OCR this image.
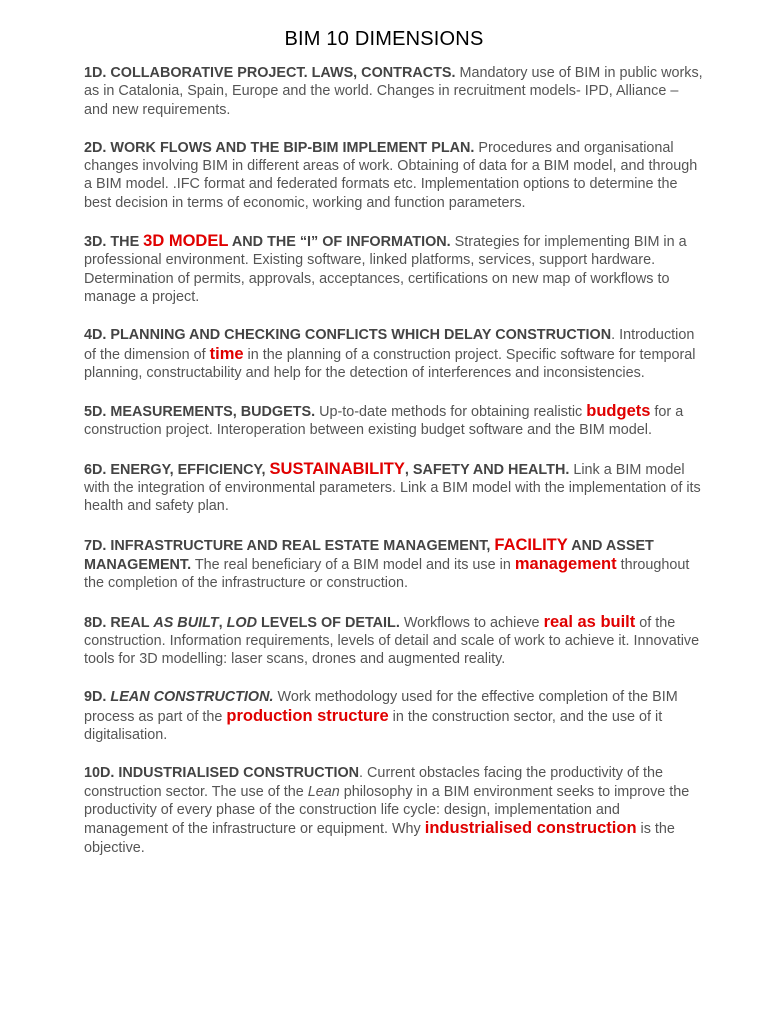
BIM 10 DIMENSIONS

1D. COLLABORATIVE PROJECT. LAWS, CONTRACTS. Mandatory use of BIM in public works, as in Catalonia, Spain, Europe and the world. Changes in recruitment models- IPD, Alliance – and new requirements.

2D. WORK FLOWS AND THE BIP-BIM IMPLEMENT PLAN. Procedures and organisational changes involving BIM in different areas of work. Obtaining of data for a BIM model, and through a BIM model. .IFC format and federated formats etc. Implementation options to determine the best decision in terms of economic, working and function parameters.

3D. THE 3D MODEL AND THE “I” OF INFORMATION. Strategies for implementing BIM in a professional environment. Existing software, linked platforms, services, support hardware. Determination of permits, approvals, acceptances, certifications on new map of workflows to manage a project.

4D. PLANNING AND CHECKING CONFLICTS WHICH DELAY CONSTRUCTION. Introduction of the dimension of time in the planning of a construction project. Specific software for temporal planning, constructability and help for the detection of interferences and inconsistencies.

5D. MEASUREMENTS, BUDGETS. Up-to-date methods for obtaining realistic budgets for a construction project. Interoperation between existing budget software and the BIM model.

6D. ENERGY, EFFICIENCY, SUSTAINABILITY, SAFETY AND HEALTH. Link a BIM model with the integration of environmental parameters. Link a BIM model with the implementation of its health and safety plan.

7D. INFRASTRUCTURE AND REAL ESTATE MANAGEMENT, FACILITY AND ASSET MANAGEMENT. The real beneficiary of a BIM model and its use in management throughout the completion of the infrastructure or construction.

8D. REAL AS BUILT, LOD LEVELS OF DETAIL. Workflows to achieve real as built of the construction. Information requirements, levels of detail and scale of work to achieve it. Innovative tools for 3D modelling: laser scans, drones and augmented reality.

9D. LEAN CONSTRUCTION. Work methodology used for the effective completion of the BIM process as part of the production structure in the construction sector, and the use of it digitalisation.

10D. INDUSTRIALISED CONSTRUCTION. Current obstacles facing the productivity of the construction sector. The use of the Lean philosophy in a BIM environment seeks to improve the productivity of every phase of the construction life cycle: design, implementation and management of the infrastructure or equipment. Why industrialised construction is the objective.
